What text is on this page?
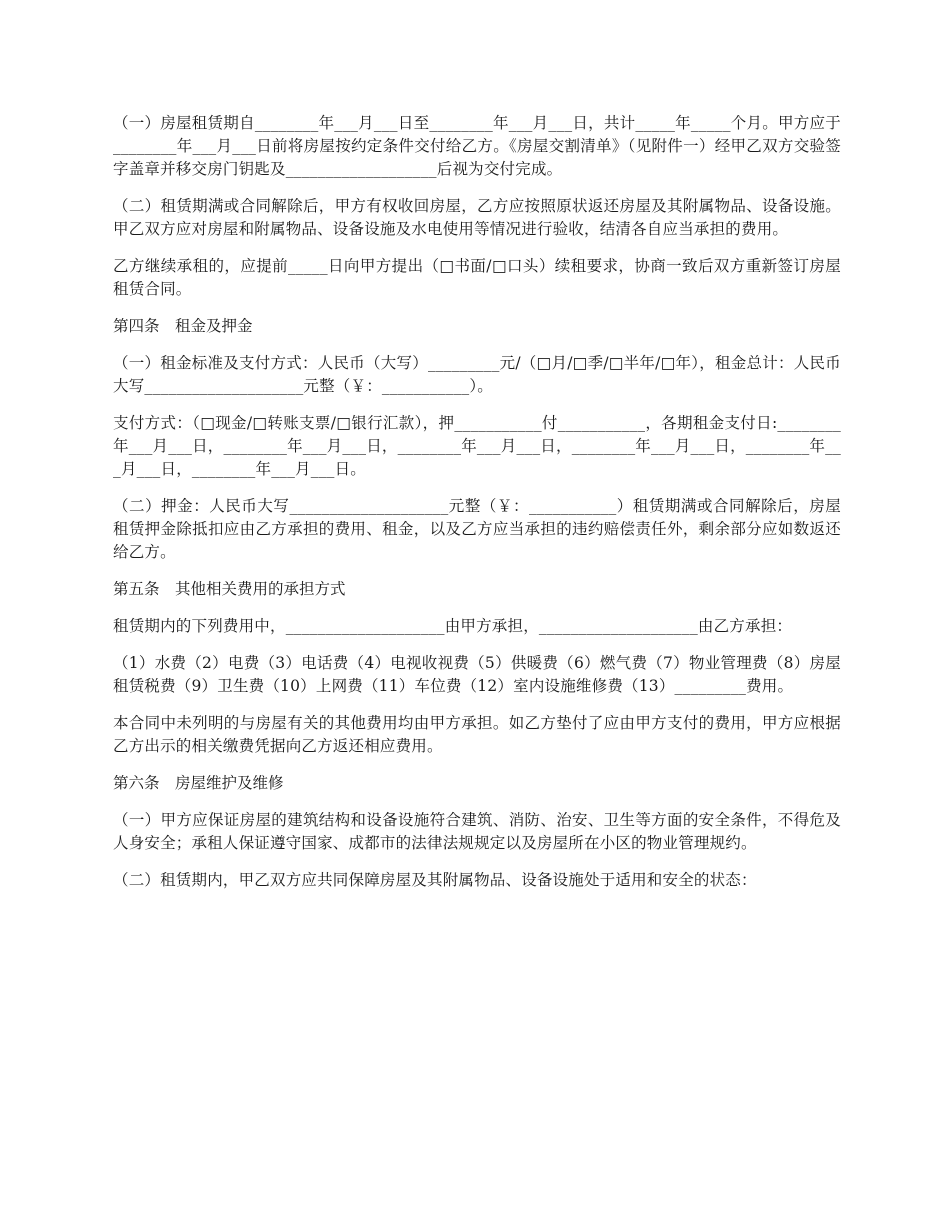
（一）房屋租赁期自________年___月___日至________年___月___日，共计_____年_____个月。甲方应于________年___月___日前将房屋按约定条件交付给乙方。《房屋交割清单》（见附件一）经甲乙双方交验签字盖章并移交房门钥匙及___________________后视为交付完成。

（二）租赁期满或合同解除后，甲方有权收回房屋，乙方应按照原状返还房屋及其附属物品、设备设施。甲乙双方应对房屋和附属物品、设备设施及水电使用等情况进行验收，结清各自应当承担的费用。

乙方继续承租的，应提前_____日向甲方提出（□书面/□口头）续租要求，协商一致后双方重新签订房屋租赁合同。

第四条　租金及押金

（一）租金标准及支付方式：人民币（大写）_________元/（□月/□季/□半年/□年），租金总计：人民币大写____________________元整（￥：___________）。

支付方式：（□现金/□转账支票/□银行汇款），押___________付___________，各期租金支付日:________年___月___日，________年___月___日，________年___月___日，________年___月___日，________年___月___日，________年___月___日。

（二）押金：人民币大写____________________元整（￥：___________）租赁期满或合同解除后，房屋租赁押金除抵扣应由乙方承担的费用、租金，以及乙方应当承担的违约赔偿责任外，剩余部分应如数返还给乙方。

第五条　其他相关费用的承担方式

租赁期内的下列费用中，____________________由甲方承担，____________________由乙方承担：

（1）水费（2）电费（3）电话费（4）电视收视费（5）供暖费（6）燃气费（7）物业管理费（8）房屋租赁税费（9）卫生费（10）上网费（11）车位费（12）室内设施维修费（13）_________费用。

本合同中未列明的与房屋有关的其他费用均由甲方承担。如乙方垫付了应由甲方支付的费用，甲方应根据乙方出示的相关缴费凭据向乙方返还相应费用。

第六条　房屋维护及维修

（一）甲方应保证房屋的建筑结构和设备设施符合建筑、消防、治安、卫生等方面的安全条件，不得危及人身安全；承租人保证遵守国家、成都市的法律法规规定以及房屋所在小区的物业管理规约。

（二）租赁期内，甲乙双方应共同保障房屋及其附属物品、设备设施处于适用和安全的状态：
